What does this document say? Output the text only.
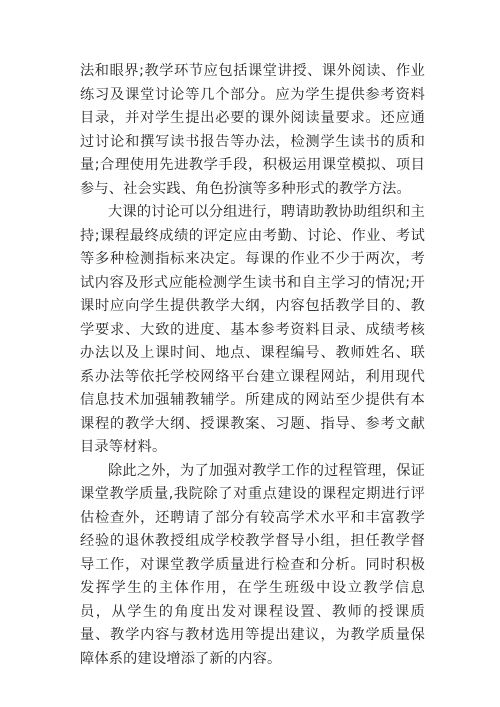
法和眼界;教学环节应包括课堂讲授、课外阅读、作业练习及课堂讨论等几个部分。应为学生提供参考资料目录，并对学生提出必要的课外阅读量要求。还应通过讨论和撰写读书报告等办法，检测学生读书的质和量;合理使用先进教学手段，积极运用课堂模拟、项目参与、社会实践、角色扮演等多种形式的教学方法。

大课的讨论可以分组进行，聘请助教协助组织和主持;课程最终成绩的评定应由考勤、讨论、作业、考试等多种检测指标来决定。每课的作业不少于两次，考试内容及形式应能检测学生读书和自主学习的情况;开课时应向学生提供教学大纲，内容包括教学目的、教学要求、大致的进度、基本参考资料目录、成绩考核办法以及上课时间、地点、课程编号、教师姓名、联系办法等依托学校网络平台建立课程网站，利用现代信息技术加强辅教辅学。所建成的网站至少提供有本课程的教学大纲、授课教案、习题、指导、参考文献目录等材料。

除此之外，为了加强对教学工作的过程管理，保证课堂教学质量,我院除了对重点建设的课程定期进行评估检查外，还聘请了部分有较高学术水平和丰富教学经验的退休教授组成学校教学督导小组，担任教学督导工作，对课堂教学质量进行检查和分析。同时积极发挥学生的主体作用，在学生班级中设立教学信息员，从学生的角度出发对课程设置、教师的授课质量、教学内容与教材选用等提出建议，为教学质量保障体系的建设增添了新的内容。
